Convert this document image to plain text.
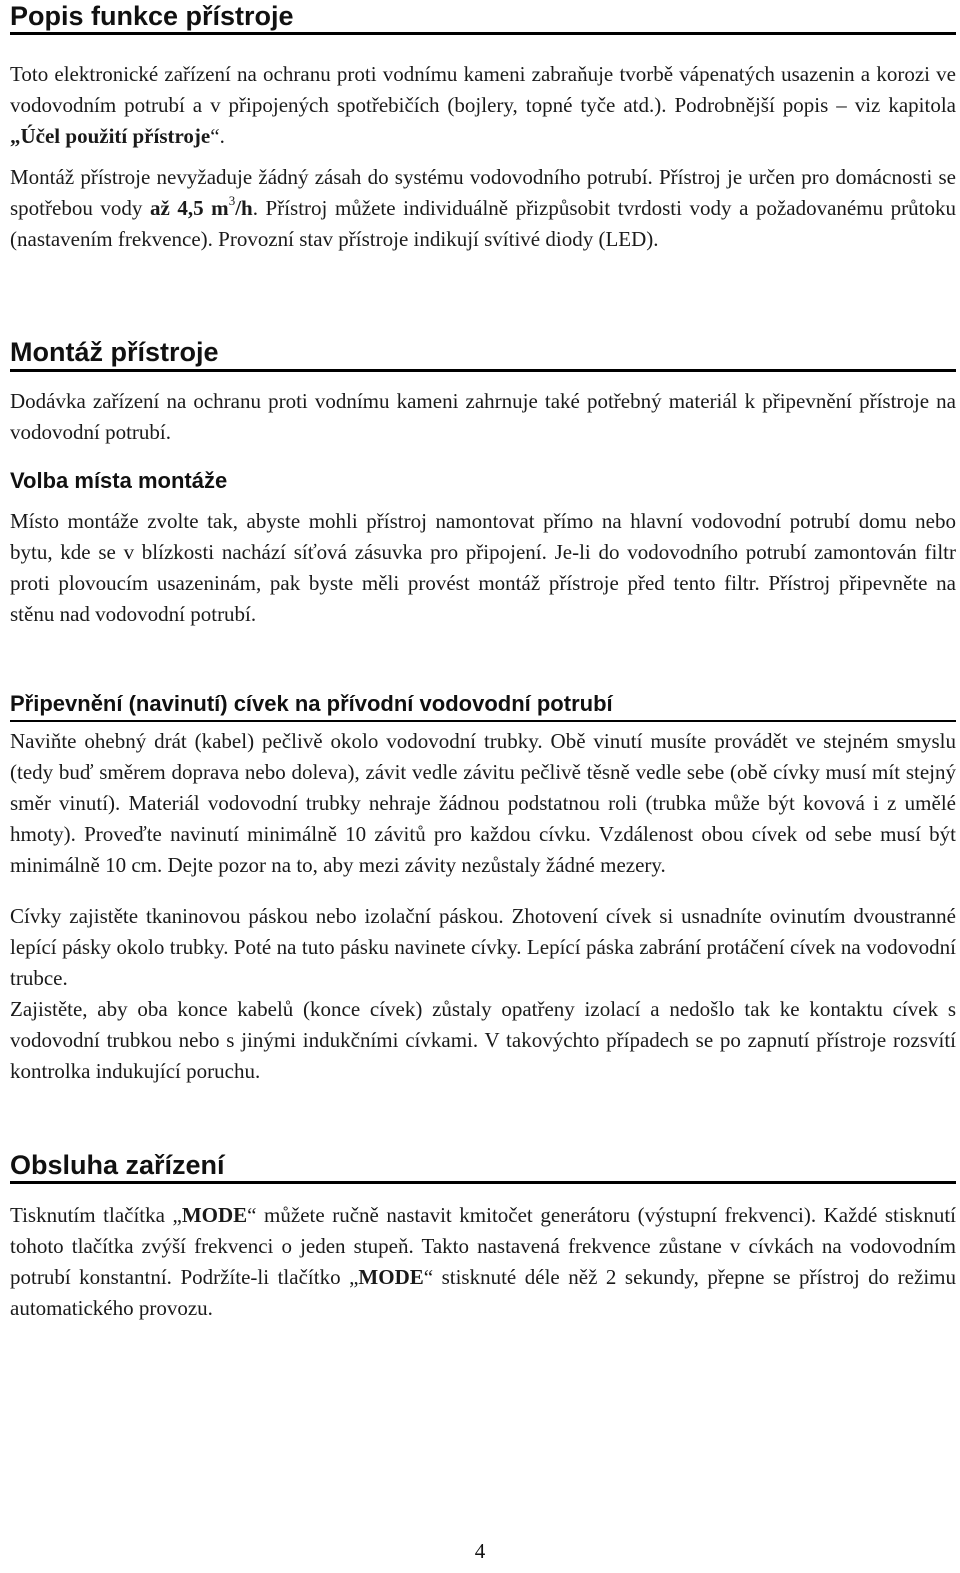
Popis funkce přístroje

Toto elektronické zařízení na ochranu proti vodnímu kameni zabraňuje tvorbě vápenatých usazenin a korozi ve vodovodním potrubí a v připojených spotřebičích (bojlery, topné tyče atd.). Podrobnější popis – viz kapitola „Účel použití přístroje“.

Montáž přístroje nevyžaduje žádný zásah do systému vodovodního potrubí. Přístroj je určen pro domácnosti se spotřebou vody až 4,5 $m^3/h$. Přístroj můžete individuálně přizpůsobit tvrdosti vody a požadovanému průtoku (nastavením frekvence). Provozní stav přístroje indikují svítivé diody (LED).

Montáž přístroje

Dodávka zařízení na ochranu proti vodnímu kameni zahrnuje také potřebný materiál k připevnění přístroje na vodovodní potrubí.

Volba místa montáže

Místo montáže zvolte tak, abyste mohli přístroj namontovat přímo na hlavní vodovodní potrubí domu nebo bytu, kde se v blízkosti nachází síťová zásuvka pro připojení. Je-li do vodovodního potrubí zamontován filtr proti plovoucím usazeninám, pak byste měli provést montáž přístroje před tento filtr. Přístroj připevněte na stěnu nad vodovodní potrubí.

Připevnění (navinutí) cívek na přívodní vodovodní potrubí

Naviňte ohebný drát (kabel) pečlivě okolo vodovodní trubky. Obě vinutí musíte provádět ve stejném smyslu (tedy buď směrem doprava nebo doleva), závit vedle závitu pečlivě těsně vedle sebe (obě cívky musí mít stejný směr vinutí). Materiál vodovodní trubky nehraje žádnou podstatnou roli (trubka může být kovová i z umělé hmoty). Proveďte navinutí minimálně 10 závitů pro každou cívku. Vzdálenost obou cívek od sebe musí být minimálně 10 cm. Dejte pozor na to, aby mezi závity nezůstaly žádné mezery.

Cívky zajistěte tkaninovou páskou nebo izolační páskou. Zhotovení cívek si usnadníte ovinutím dvoustranné lepící pásky okolo trubky. Poté na tuto pásku navinete cívky. Lepící páska zabrání protáčení cívek na vodovodní trubce.

Zajistěte, aby oba konce kabelů (konce cívek) zůstaly opatřeny izolací a nedošlo tak ke kontaktu cívek s vodovodní trubkou nebo s jinými indukčními cívkami. V takovýchto případech se po zapnutí přístroje rozsvítí kontrolka indukující poruchu.

Obsluha zařízení

Tisknutím tlačítka „MODE“ můžete ručně nastavit kmitočet generátoru (výstupní frekvenci). Každé stisknutí tohoto tlačítka zvýší frekvenci o jeden stupeň. Takto nastavená frekvence zůstane v cívkách na vodovodním potrubí konstantní. Podržíte-li tlačítko „MODE“ stisknuté déle něž 2 sekundy, přepne se přístroj do režimu automatického provozu.

4
